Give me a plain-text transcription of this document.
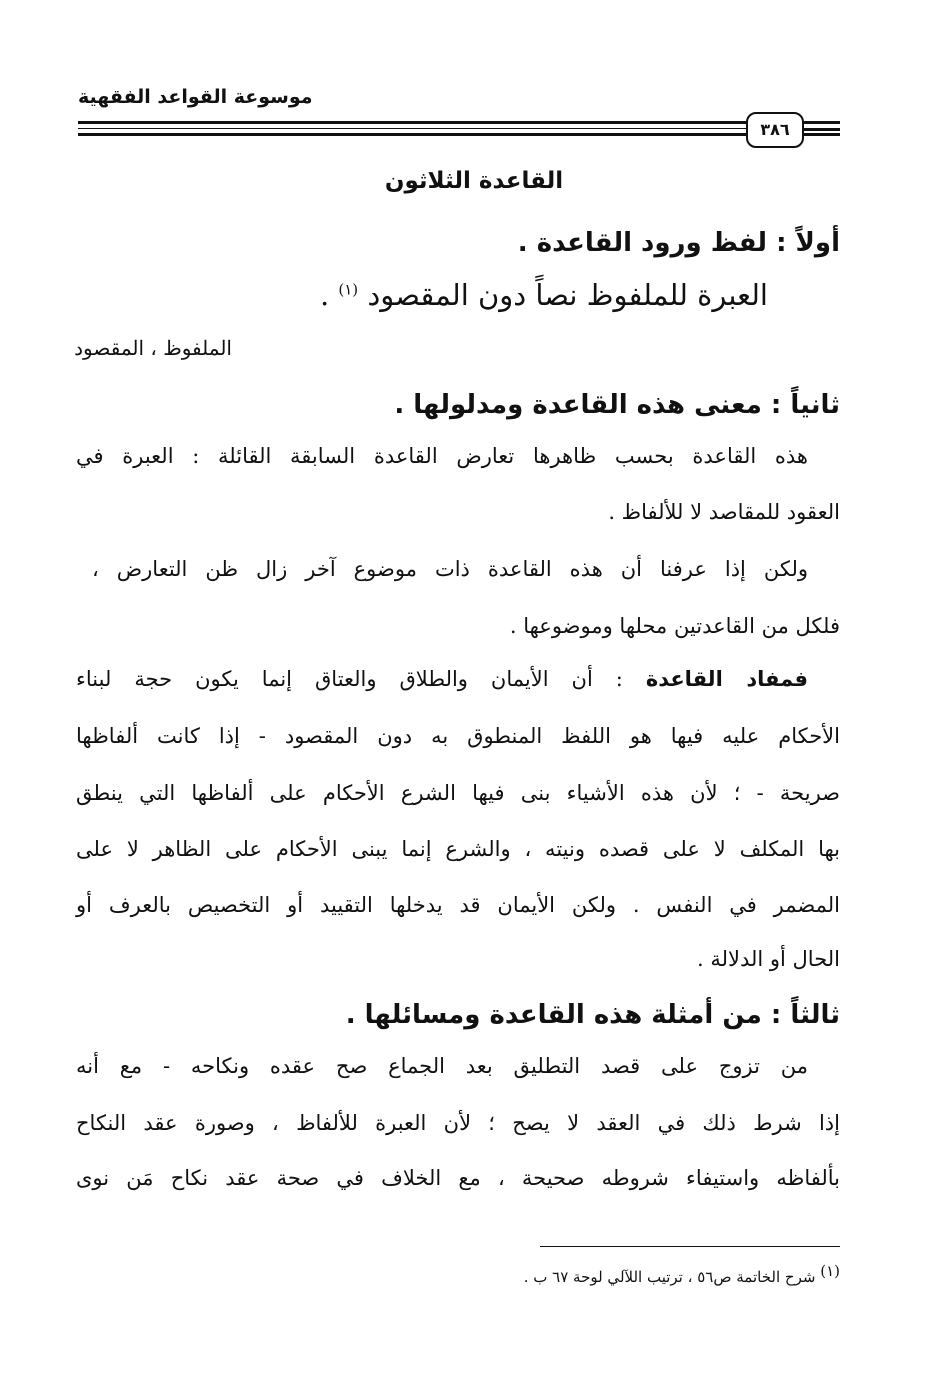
موسوعة القواعد الفقهية
٣٨٦
القاعدة الثلاثون
أولاً : لفظ ورود القاعدة .
العبرة للملفوظ نصاً دون المقصود $^{(١)}$ .
الملفوظ ، المقصود
ثانياً : معنى هذه القاعدة ومدلولها .
هذه القاعدة بحسب ظاهرها تعارض القاعدة السابقة القائلة : العبرة في
العقود للمقاصد لا للألفاظ .
ولكن إذا عرفنا أن هذه القاعدة ذات موضوع آخر زال ظن التعارض ،
فلكل من القاعدتين محلها وموضوعها .
فمفاد القاعدة : أن الأيمان والطلاق والعتاق إنما يكون حجة لبناء
الأحكام عليه فيها هو اللفظ المنطوق به دون المقصود - إذا كانت ألفاظها
صريحة - ؛ لأن هذه الأشياء بنى فيها الشرع الأحكام على ألفاظها التي ينطق
بها المكلف لا على قصده ونيته ، والشرع إنما يبنى الأحكام على الظاهر لا على
المضمر في النفس . ولكن الأيمان قد يدخلها التقييد أو التخصيص بالعرف أو
الحال أو الدلالة .
ثالثاً : من أمثلة هذه القاعدة ومسائلها .
من تزوج على قصد التطليق بعد الجماع صح عقده ونكاحه - مع أنه
إذا شرط ذلك في العقد لا يصح ؛ لأن العبرة للألفاظ ، وصورة عقد النكاح
بألفاظه واستيفاء شروطه صحيحة ، مع الخلاف في صحة عقد نكاح مَن نوى
(١) شرح الخاتمة ص٥٦ ، ترتيب اللآلي لوحة ٦٧ ب .
